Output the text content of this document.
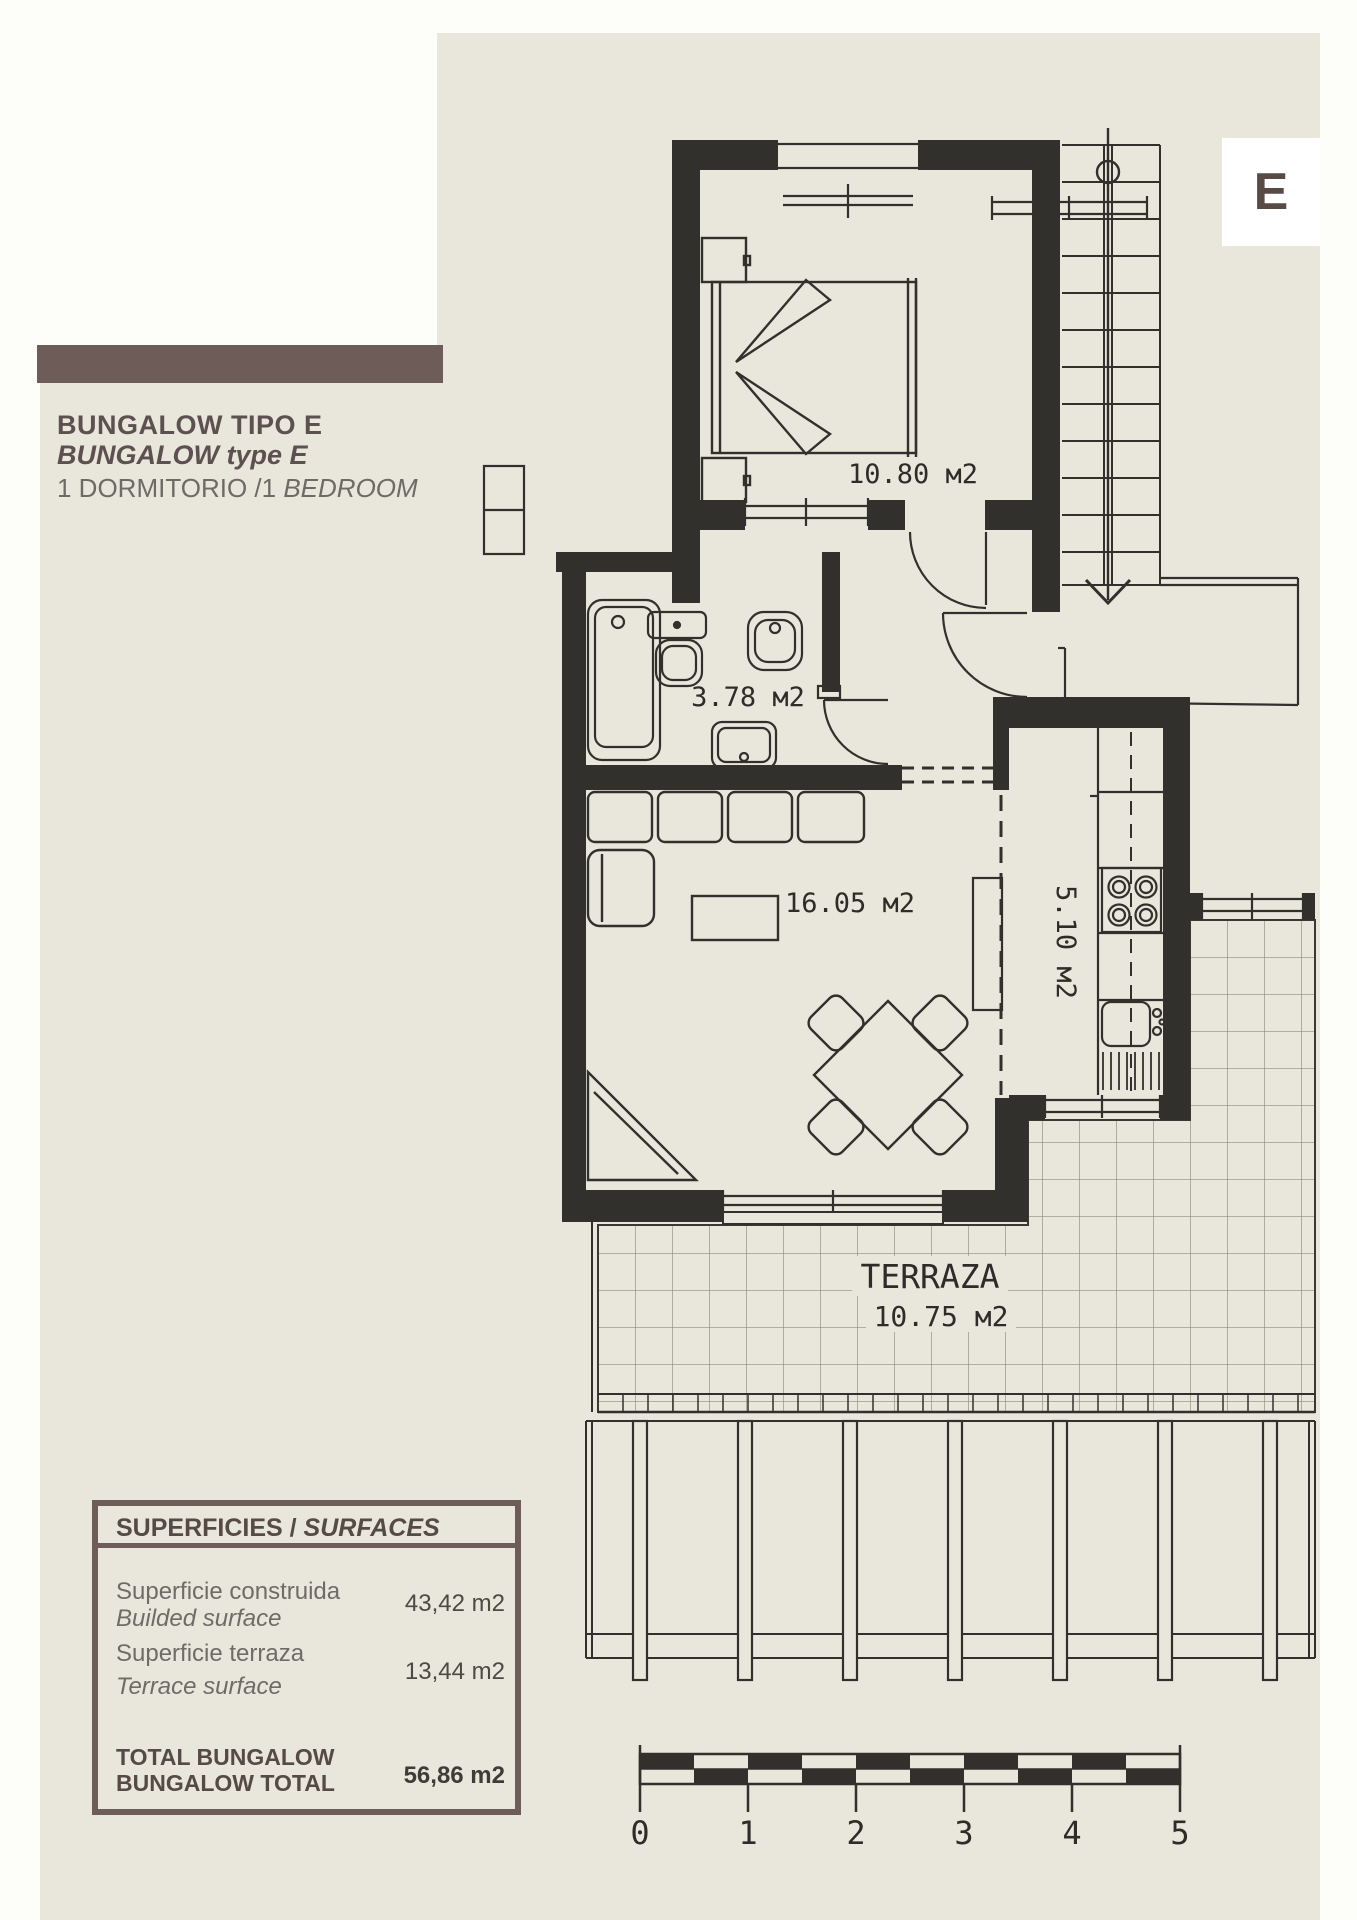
TERRAZA
10.75 м2
10.80 м2
3.78 м2
16.05 м2	5.10 м2
0	1	2	3	4	5
BUNGALOW TIPO E
BUNGALOW type E
1 DORMITORIO /1 BEDROOM
E
SUPERFICIES / SURFACES
Superficie construida
Builded surface
43,42 m2
Superficie terraza
Terrace surface
13,44 m2
TOTAL BUNGALOW
BUNGALOW TOTAL	56,86 m2
